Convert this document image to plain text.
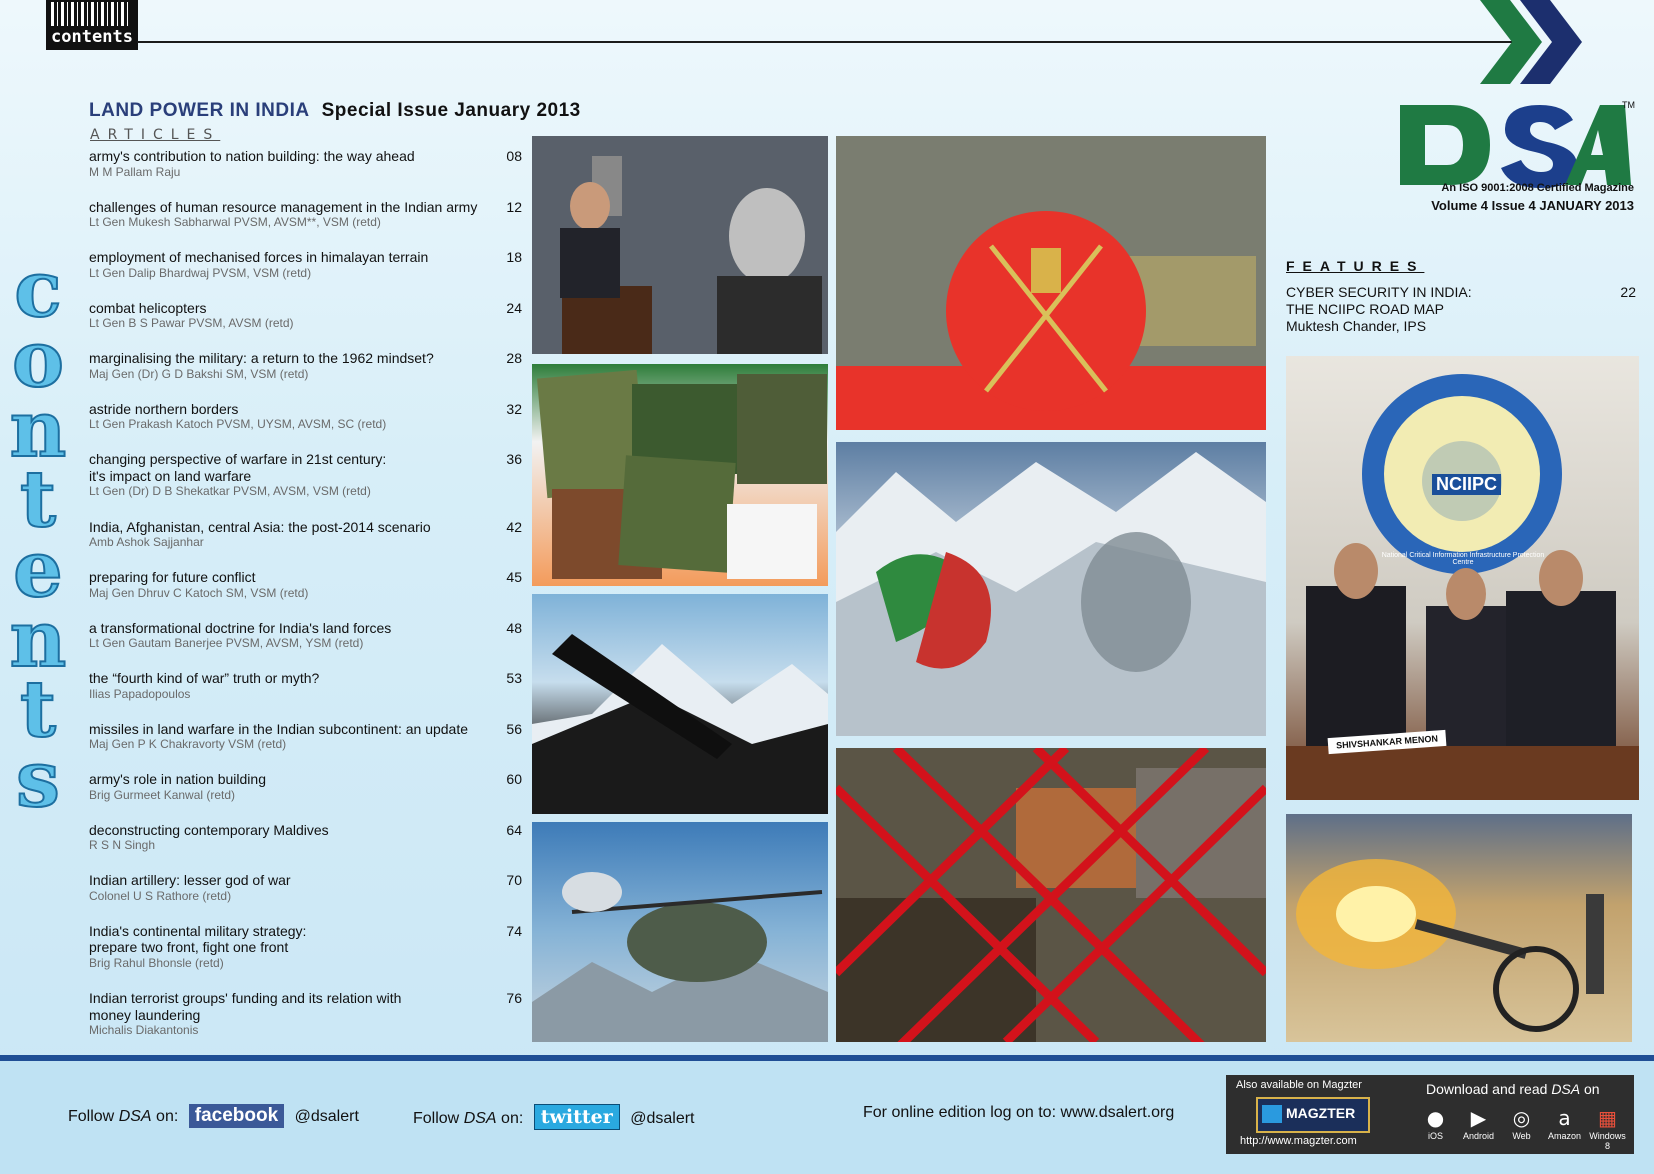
contents
LAND POWER IN INDIA Special Issue January 2013
ARTICLES
c
o
n
t
e
n
t
s
army's contribution to nation building: the way ahead
M M Pallam Raju
08
challenges of human resource management in the Indian army
Lt Gen Mukesh Sabharwal PVSM, AVSM**, VSM (retd)
12
employment of mechanised forces in himalayan terrain
Lt Gen Dalip Bhardwaj PVSM, VSM (retd)
18
combat helicopters
Lt Gen B S Pawar PVSM, AVSM (retd)
24
marginalising the military: a return to the 1962 mindset?
Maj Gen (Dr) G D Bakshi SM, VSM (retd)
28
astride northern borders
Lt Gen Prakash Katoch PVSM, UYSM, AVSM, SC (retd)
32
changing perspective of warfare in 21st century:
it's impact on land warfare
Lt Gen (Dr) D B Shekatkar PVSM, AVSM, VSM (retd)
36
India, Afghanistan, central Asia: the post-2014 scenario
Amb Ashok Sajjanhar
42
preparing for future conflict
Maj Gen Dhruv C Katoch SM, VSM (retd)
45
a transformational doctrine for India's land forces
Lt Gen Gautam Banerjee PVSM, AVSM, YSM (retd)
48
the “fourth kind of war” truth or myth?
Ilias Papadopoulos
53
missiles in land warfare in the Indian subcontinent: an update
Maj Gen P K Chakravorty VSM (retd)
56
army's role in nation building
Brig Gurmeet Kanwal (retd)
60
deconstructing contemporary Maldives
R S N Singh
64
Indian artillery: lesser god of war
Colonel U S Rathore (retd)
70
India's continental military strategy:
prepare two front, fight one front
Brig Rahul Bhonsle (retd)
74
Indian terrorist groups' funding and its relation with
money laundering
Michalis Diakantonis
76
TM
An ISO 9001:2008 Certified Magazine
Volume 4 Issue 4 JANUARY 2013
FEATURES
CYBER SECURITY IN INDIA:
THE NCIIPC ROAD MAP
Muktesh Chander, IPS
22
NCIIPC
National Critical Information Infrastructure Protection Centre
SHIVSHANKAR MENON
Follow DSA on: facebook @dsalert	Follow DSA on: twitter @dsalert	For online edition log on to: www.dsalert.org
Also available on Magzter
MAGZTER
http://www.magzter.com
Download and read DSA on
●
iOS
▶
Android
◎
Web
a
Amazon
▦
Windows 8
